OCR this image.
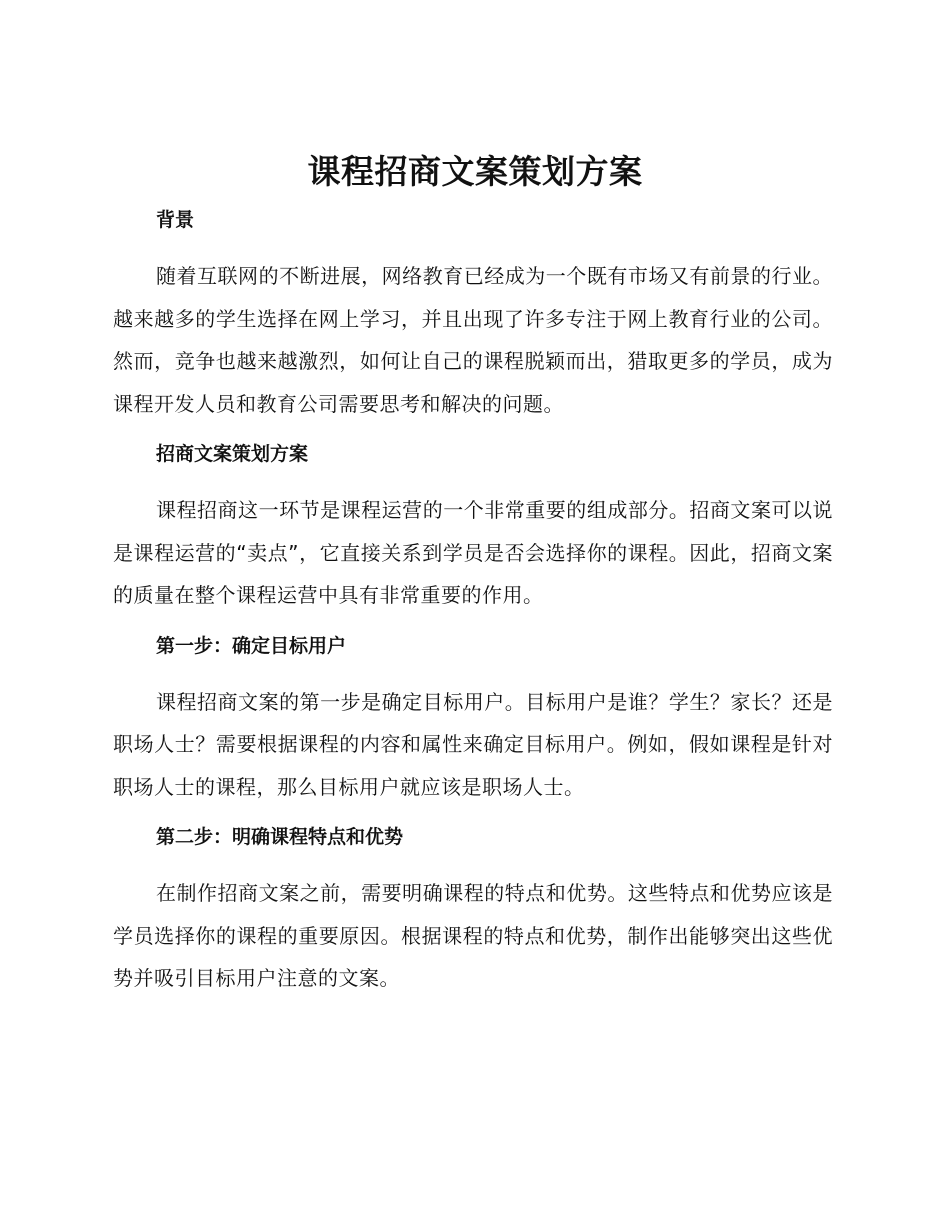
课程招商文案策划方案
背景

随着互联网的不断进展，网络教育已经成为一个既有市场又有前景的行业。越来越多的学生选择在网上学习，并且出现了许多专注于网上教育行业的公司。然而，竞争也越来越激烈，如何让自己的课程脱颖而出，猎取更多的学员，成为课程开发人员和教育公司需要思考和解决的问题。

招商文案策划方案

课程招商这一环节是课程运营的一个非常重要的组成部分。招商文案可以说是课程运营的“卖点”，它直接关系到学员是否会选择你的课程。因此，招商文案的质量在整个课程运营中具有非常重要的作用。

第一步：确定目标用户

课程招商文案的第一步是确定目标用户。目标用户是谁？学生？家长？还是职场人士？需要根据课程的内容和属性来确定目标用户。例如，假如课程是针对职场人士的课程，那么目标用户就应该是职场人士。

第二步：明确课程特点和优势

在制作招商文案之前，需要明确课程的特点和优势。这些特点和优势应该是学员选择你的课程的重要原因。根据课程的特点和优势，制作出能够突出这些优势并吸引目标用户注意的文案。
